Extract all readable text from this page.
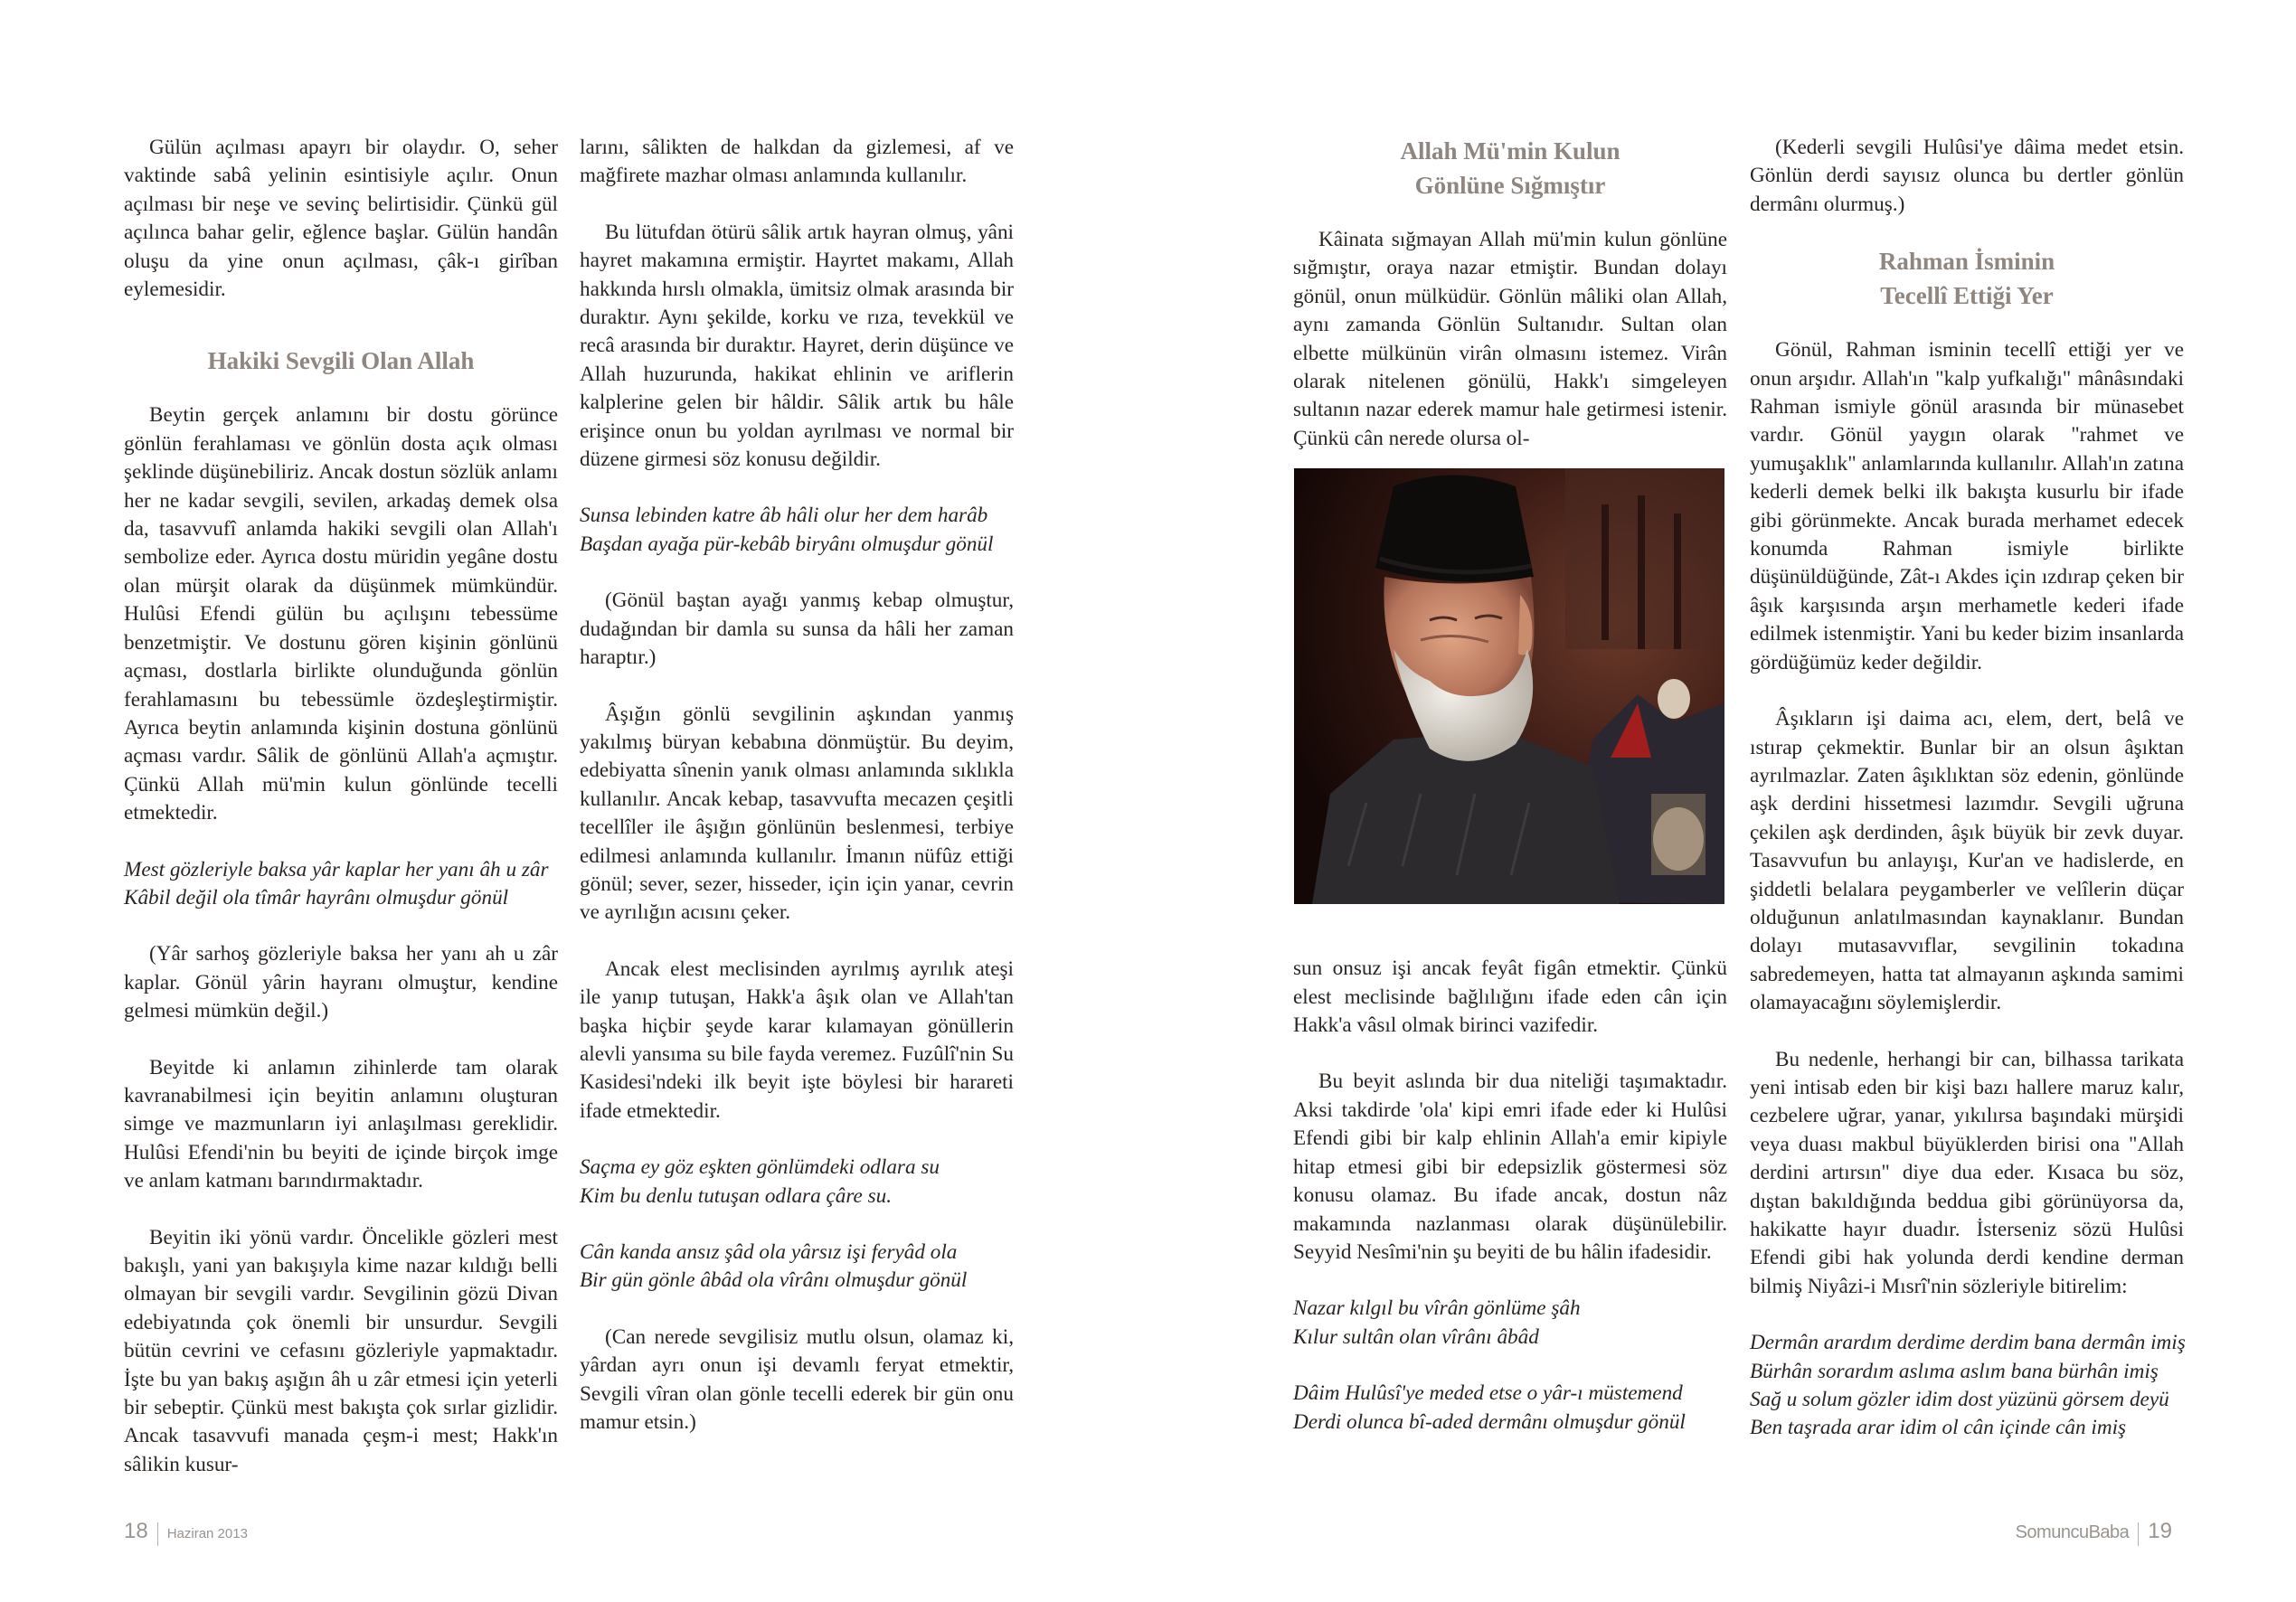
Gülün açılması apayrı bir olaydır. O, seher vaktinde sabâ yelinin esintisiyle açılır. Onun açılması bir neşe ve sevinç belirtisidir. Çünkü gül açılınca bahar gelir, eğlence başlar. Gülün handân oluşu da yine onun açılması, çâk-ı girîban eylemesidir.

Hakiki Sevgili Olan Allah

Beytin gerçek anlamını bir dostu görünce gönlün ferahlaması ve gönlün dosta açık olması şeklinde düşünebiliriz. Ancak dostun sözlük anlamı her ne kadar sevgili, sevilen, arkadaş demek olsa da, tasavvufî anlamda hakiki sevgili olan Allah'ı sembolize eder. Ayrıca dostu müridin yegâne dostu olan mürşit olarak da düşünmek mümkündür. Hulûsi Efendi gülün bu açılışını tebessüme benzetmiştir. Ve dostunu gören kişinin gönlünü açması, dostlarla birlikte olunduğunda gönlün ferahlamasını bu tebessümle özdeşleştirmiştir. Ayrıca beytin anlamında kişinin dostuna gönlünü açması vardır. Sâlik de gönlünü Allah'a açmıştır. Çünkü Allah mü'min kulun gönlünde tecelli etmektedir.

Mest gözleriyle baksa yâr kaplar her yanı âh u zâr
Kâbil değil ola tîmâr hayrânı olmuşdur gönül

(Yâr sarhoş gözleriyle baksa her yanı ah u zâr kaplar. Gönül yârin hayranı olmuştur, kendine gelmesi mümkün değil.)

Beyitde ki anlamın zihinlerde tam olarak kavranabilmesi için beyitin anlamını oluşturan simge ve mazmunların iyi anlaşılması gereklidir. Hulûsi Efendi'nin bu beyiti de içinde birçok imge ve anlam katmanı barındırmaktadır.

Beyitin iki yönü vardır. Öncelikle gözleri mest bakışlı, yani yan bakışıyla kime nazar kıldığı belli olmayan bir sevgili vardır. Sevgilinin gözü Divan edebiyatında çok önemli bir unsurdur. Sevgili bütün cevrini ve cefasını gözleriyle yapmaktadır. İşte bu yan bakış aşığın âh u zâr etmesi için yeterli bir sebeptir. Çünkü mest bakışta çok sırlar gizlidir. Ancak tasavvufi manada çeşm-i mest; Hakk'ın sâlikin kusur-

larını, sâlikten de halkdan da gizlemesi, af ve mağfirete mazhar olması anlamında kullanılır.

Bu lütufdan ötürü sâlik artık hayran olmuş, yâni hayret makamına ermiştir. Hayrtet makamı, Allah hakkında hırslı olmakla, ümitsiz olmak arasında bir duraktır. Aynı şekilde, korku ve rıza, tevekkül ve recâ arasında bir duraktır. Hayret, derin düşünce ve Allah huzurunda, hakikat ehlinin ve ariflerin kalplerine gelen bir hâldir. Sâlik artık bu hâle erişince onun bu yoldan ayrılması ve normal bir düzene girmesi söz konusu değildir.

Sunsa lebinden katre âb hâli olur her dem harâb
Başdan ayağa pür-kebâb biryânı olmuşdur gönül

(Gönül baştan ayağı yanmış kebap olmuştur, dudağından bir damla su sunsa da hâli her zaman haraptır.)

Âşığın gönlü sevgilinin aşkından yanmış yakılmış büryan kebabına dönmüştür. Bu deyim, edebiyatta sînenin yanık olması anlamında sıklıkla kullanılır. Ancak kebap, tasavvufta mecazen çeşitli tecellîler ile âşığın gönlünün beslenmesi, terbiye edilmesi anlamında kullanılır. İmanın nüfûz ettiği gönül; sever, sezer, hisseder, için için yanar, cevrin ve ayrılığın acısını çeker.

Ancak elest meclisinden ayrılmış ayrılık ateşi ile yanıp tutuşan, Hakk'a âşık olan ve Allah'tan başka hiçbir şeyde karar kılamayan gönüllerin alevli yansıma su bile fayda veremez. Fuzûlî'nin Su Kasidesi'ndeki ilk beyit işte böylesi bir harareti ifade etmektedir.

Saçma ey göz eşkten gönlümdeki odlara su
Kim bu denlu tutuşan odlara çâre su.
Cân kanda ansız şâd ola yârsız işi feryâd ola
Bir gün gönle âbâd ola vîrânı olmuşdur gönül

(Can nerede sevgilisiz mutlu olsun, olamaz ki, yârdan ayrı onun işi devamlı feryat etmektir, Sevgili vîran olan gönle tecelli ederek bir gün onu mamur etsin.)

18 Haziran 2013
Allah Mü'min Kulun
Gönlüne Sığmıştır

Kâinata sığmayan Allah mü'min kulun gönlüne sığmıştır, oraya nazar etmiştir. Bundan dolayı gönül, onun mülküdür. Gönlün mâliki olan Allah, aynı zamanda Gönlün Sultanıdır. Sultan olan elbette mülkünün virân olmasını istemez. Virân olarak nitelenen gönülü, Hakk'ı simgeleyen sultanın nazar ederek mamur hale getirmesi istenir. Çünkü cân nerede olursa ol-

sun onsuz işi ancak feyât figân etmektir. Çünkü elest meclisinde bağlılığını ifade eden cân için Hakk'a vâsıl olmak birinci vazifedir.

Bu beyit aslında bir dua niteliği taşımaktadır. Aksi takdirde 'ola' kipi emri ifade eder ki Hulûsi Efendi gibi bir kalp ehlinin Allah'a emir kipiyle hitap etmesi gibi bir edepsizlik göstermesi söz konusu olamaz. Bu ifade ancak, dostun nâz makamında nazlanması olarak düşünülebilir. Seyyid Nesîmi'nin şu beyiti de bu hâlin ifadesidir.

Nazar kılgıl bu vîrân gönlüme şâh
Kılur sultân olan vîrânı âbâd
Dâim Hulûsî'ye meded etse o yâr-ı müstemend
Derdi olunca bî-aded dermânı olmuşdur gönül

(Kederli sevgili Hulûsi'ye dâima medet etsin. Gönlün derdi sayısız olunca bu dertler gönlün dermânı olurmuş.)

Rahman İsminin
Tecellî Ettiği Yer

Gönül, Rahman isminin tecellî ettiği yer ve onun arşıdır. Allah'ın "kalp yufkalığı" mânâsındaki Rahman ismiyle gönül arasında bir münasebet vardır. Gönül yaygın olarak "rahmet ve yumuşaklık" anlamlarında kullanılır. Allah'ın zatına kederli demek belki ilk bakışta kusurlu bir ifade gibi görünmekte. Ancak burada merhamet edecek konumda Rahman ismiyle birlikte düşünüldüğünde, Zât-ı Akdes için ızdırap çeken bir âşık karşısında arşın merhametle kederi ifade edilmek istenmiştir. Yani bu keder bizim insanlarda gördüğümüz keder değildir.

Âşıkların işi daima acı, elem, dert, belâ ve ıstırap çekmektir. Bunlar bir an olsun âşıktan ayrılmazlar. Zaten âşıklıktan söz edenin, gönlünde aşk derdini hissetmesi lazımdır. Sevgili uğruna çekilen aşk derdinden, âşık büyük bir zevk duyar. Tasavvufun bu anlayışı, Kur'an ve hadislerde, en şiddetli belalara peygamberler ve velîlerin düçar olduğunun anlatılmasından kaynaklanır. Bundan dolayı mutasavvıflar, sevgilinin tokadına sabredemeyen, hatta tat almayanın aşkında samimi olamayacağını söylemişlerdir.

Bu nedenle, herhangi bir can, bilhassa tarikata yeni intisab eden bir kişi bazı hallere maruz kalır, cezbelere uğrar, yanar, yıkılırsa başındaki mürşidi veya duası makbul büyüklerden birisi ona "Allah derdini artırsın" diye dua eder. Kısaca bu söz, dıştan bakıldığında beddua gibi görünüyorsa da, hakikatte hayır duadır. İsterseniz sözü Hulûsi Efendi gibi hak yolunda derdi kendine derman bilmiş Niyâzi-i Mısrî'nin sözleriyle bitirelim:

Dermân arardım derdime derdim bana dermân imiş
Bürhân sorardım aslıma aslım bana bürhân imiş
Sağ u solum gözler idim dost yüzünü görsem deyü
Ben taşrada arar idim ol cân içinde cân imiş
SomuncuBaba 19
